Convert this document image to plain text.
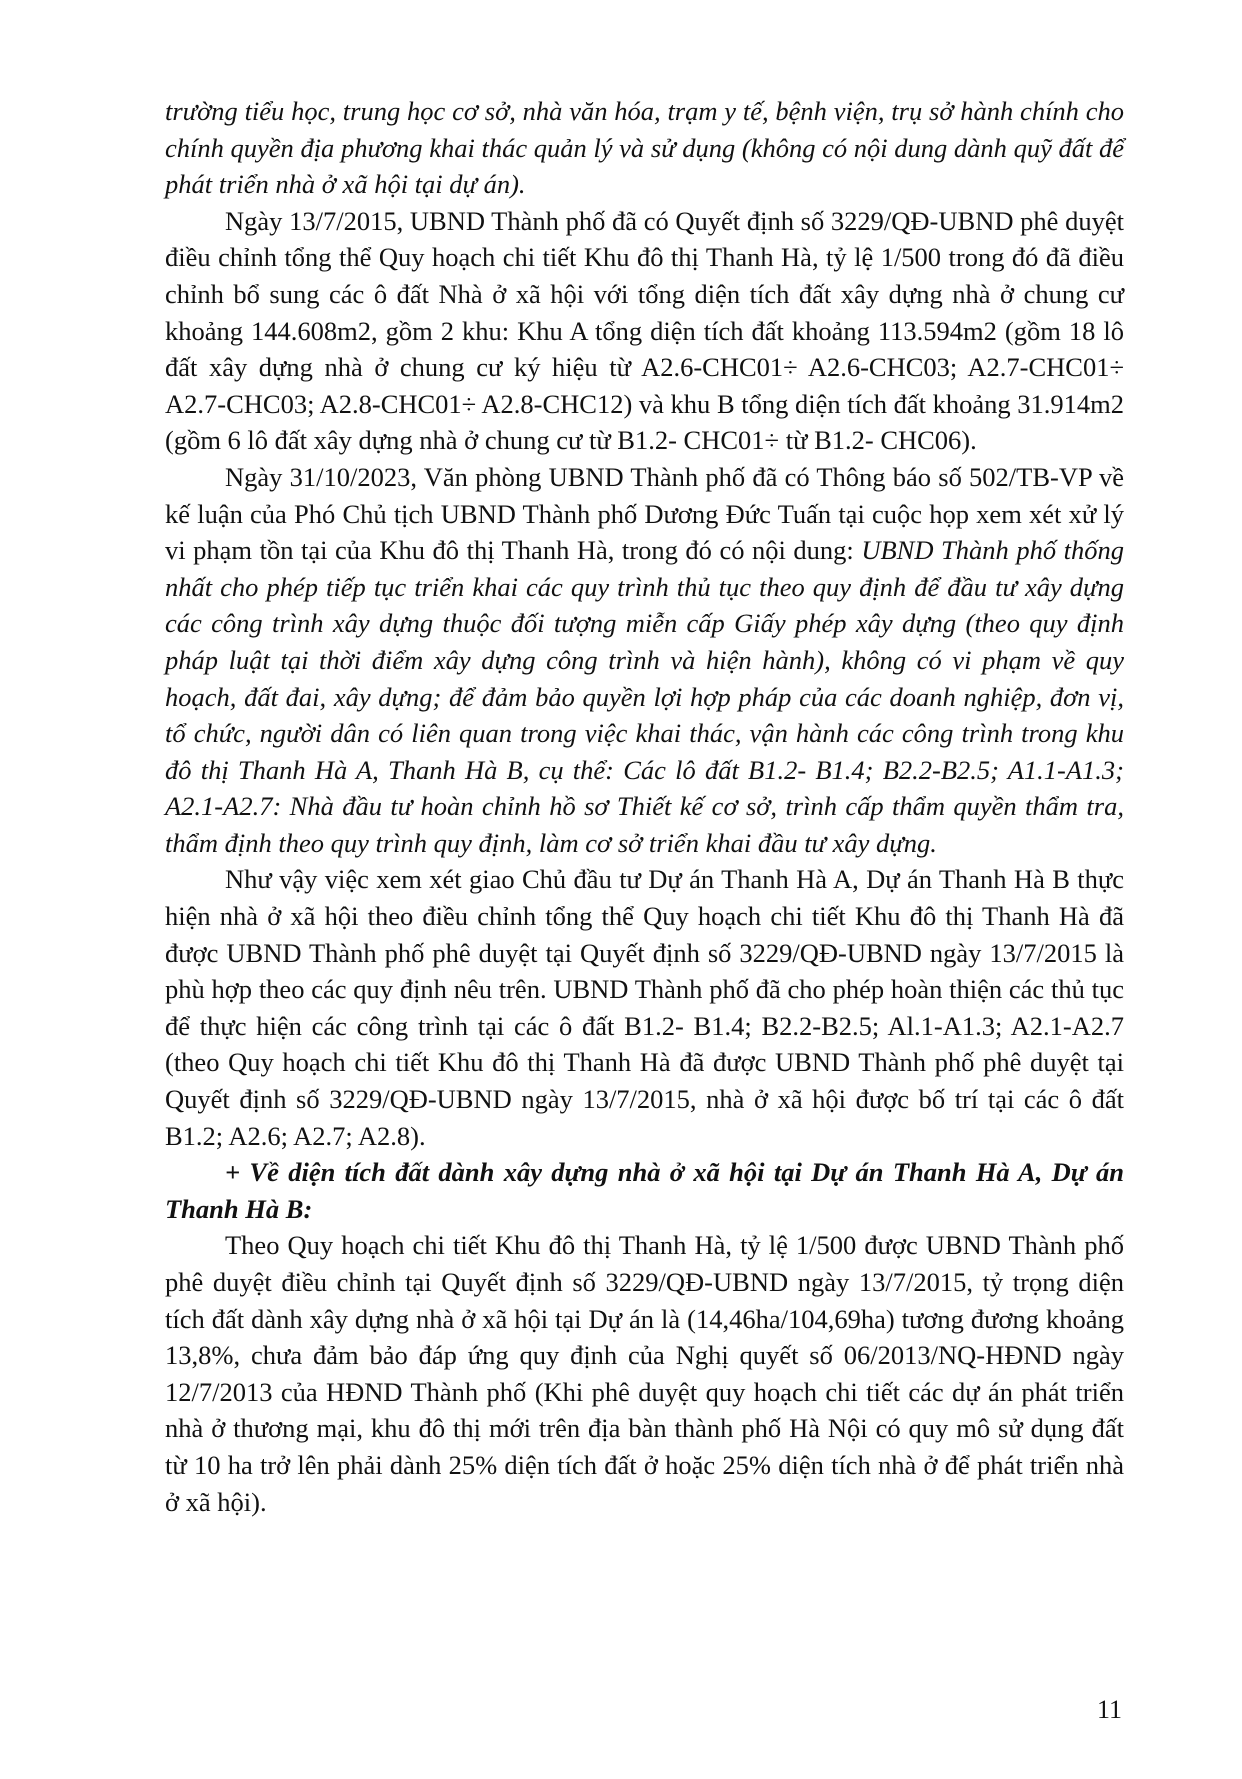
trường tiểu học, trung học cơ sở, nhà văn hóa, trạm y tế, bệnh viện, trụ sở hành chính cho chính quyền địa phương khai thác quản lý và sử dụng (không có nội dung dành quỹ đất để phát triển nhà ở xã hội tại dự án).

Ngày 13/7/2015, UBND Thành phố đã có Quyết định số 3229/QĐ-UBND phê duyệt điều chỉnh tổng thể Quy hoạch chi tiết Khu đô thị Thanh Hà, tỷ lệ 1/500 trong đó đã điều chỉnh bổ sung các ô đất Nhà ở xã hội với tổng diện tích đất xây dựng nhà ở chung cư khoảng 144.608m2, gồm 2 khu: Khu A tổng diện tích đất khoảng 113.594m2 (gồm 18 lô đất xây dựng nhà ở chung cư ký hiệu từ A2.6-CHC01÷ A2.6-CHC03; A2.7-CHC01÷ A2.7-CHC03; A2.8-CHC01÷ A2.8-CHC12) và khu B tổng diện tích đất khoảng 31.914m2 (gồm 6 lô đất xây dựng nhà ở chung cư từ B1.2- CHC01÷ từ B1.2- CHC06).

Ngày 31/10/2023, Văn phòng UBND Thành phố đã có Thông báo số 502/TB-VP về kế luận của Phó Chủ tịch UBND Thành phố Dương Đức Tuấn tại cuộc họp xem xét xử lý vi phạm tồn tại của Khu đô thị Thanh Hà, trong đó có nội dung: UBND Thành phố thống nhất cho phép tiếp tục triển khai các quy trình thủ tục theo quy định để đầu tư xây dựng các công trình xây dựng thuộc đối tượng miễn cấp Giấy phép xây dựng (theo quy định pháp luật tại thời điểm xây dựng công trình và hiện hành), không có vi phạm về quy hoạch, đất đai, xây dựng; để đảm bảo quyền lợi hợp pháp của các doanh nghiệp, đơn vị, tổ chức, người dân có liên quan trong việc khai thác, vận hành các công trình trong khu đô thị Thanh Hà A, Thanh Hà B, cụ thể: Các lô đất B1.2- B1.4; B2.2-B2.5; A1.1-A1.3; A2.1-A2.7: Nhà đầu tư hoàn chỉnh hồ sơ Thiết kế cơ sở, trình cấp thẩm quyền thẩm tra, thẩm định theo quy trình quy định, làm cơ sở triển khai đầu tư xây dựng.

Như vậy việc xem xét giao Chủ đầu tư Dự án Thanh Hà A, Dự án Thanh Hà B thực hiện nhà ở xã hội theo điều chỉnh tổng thể Quy hoạch chi tiết Khu đô thị Thanh Hà đã được UBND Thành phố phê duyệt tại Quyết định số 3229/QĐ-UBND ngày 13/7/2015 là phù hợp theo các quy định nêu trên. UBND Thành phố đã cho phép hoàn thiện các thủ tục để thực hiện các công trình tại các ô đất B1.2- B1.4; B2.2-B2.5; Al.1-A1.3; A2.1-A2.7 (theo Quy hoạch chi tiết Khu đô thị Thanh Hà đã được UBND Thành phố phê duyệt tại Quyết định số 3229/QĐ-UBND ngày 13/7/2015, nhà ở xã hội được bố trí tại các ô đất B1.2; A2.6; A2.7; A2.8).

+ Về diện tích đất dành xây dựng nhà ở xã hội tại Dự án Thanh Hà A, Dự án Thanh Hà B:

Theo Quy hoạch chi tiết Khu đô thị Thanh Hà, tỷ lệ 1/500 được UBND Thành phố phê duyệt điều chỉnh tại Quyết định số 3229/QĐ-UBND ngày 13/7/2015, tỷ trọng diện tích đất dành xây dựng nhà ở xã hội tại Dự án là (14,46ha/104,69ha) tương đương khoảng 13,8%, chưa đảm bảo đáp ứng quy định của Nghị quyết số 06/2013/NQ-HĐND ngày 12/7/2013 của HĐND Thành phố (Khi phê duyệt quy hoạch chi tiết các dự án phát triển nhà ở thương mại, khu đô thị mới trên địa bàn thành phố Hà Nội có quy mô sử dụng đất từ 10 ha trở lên phải dành 25% diện tích đất ở hoặc 25% diện tích nhà ở để phát triển nhà ở xã hội).

11
